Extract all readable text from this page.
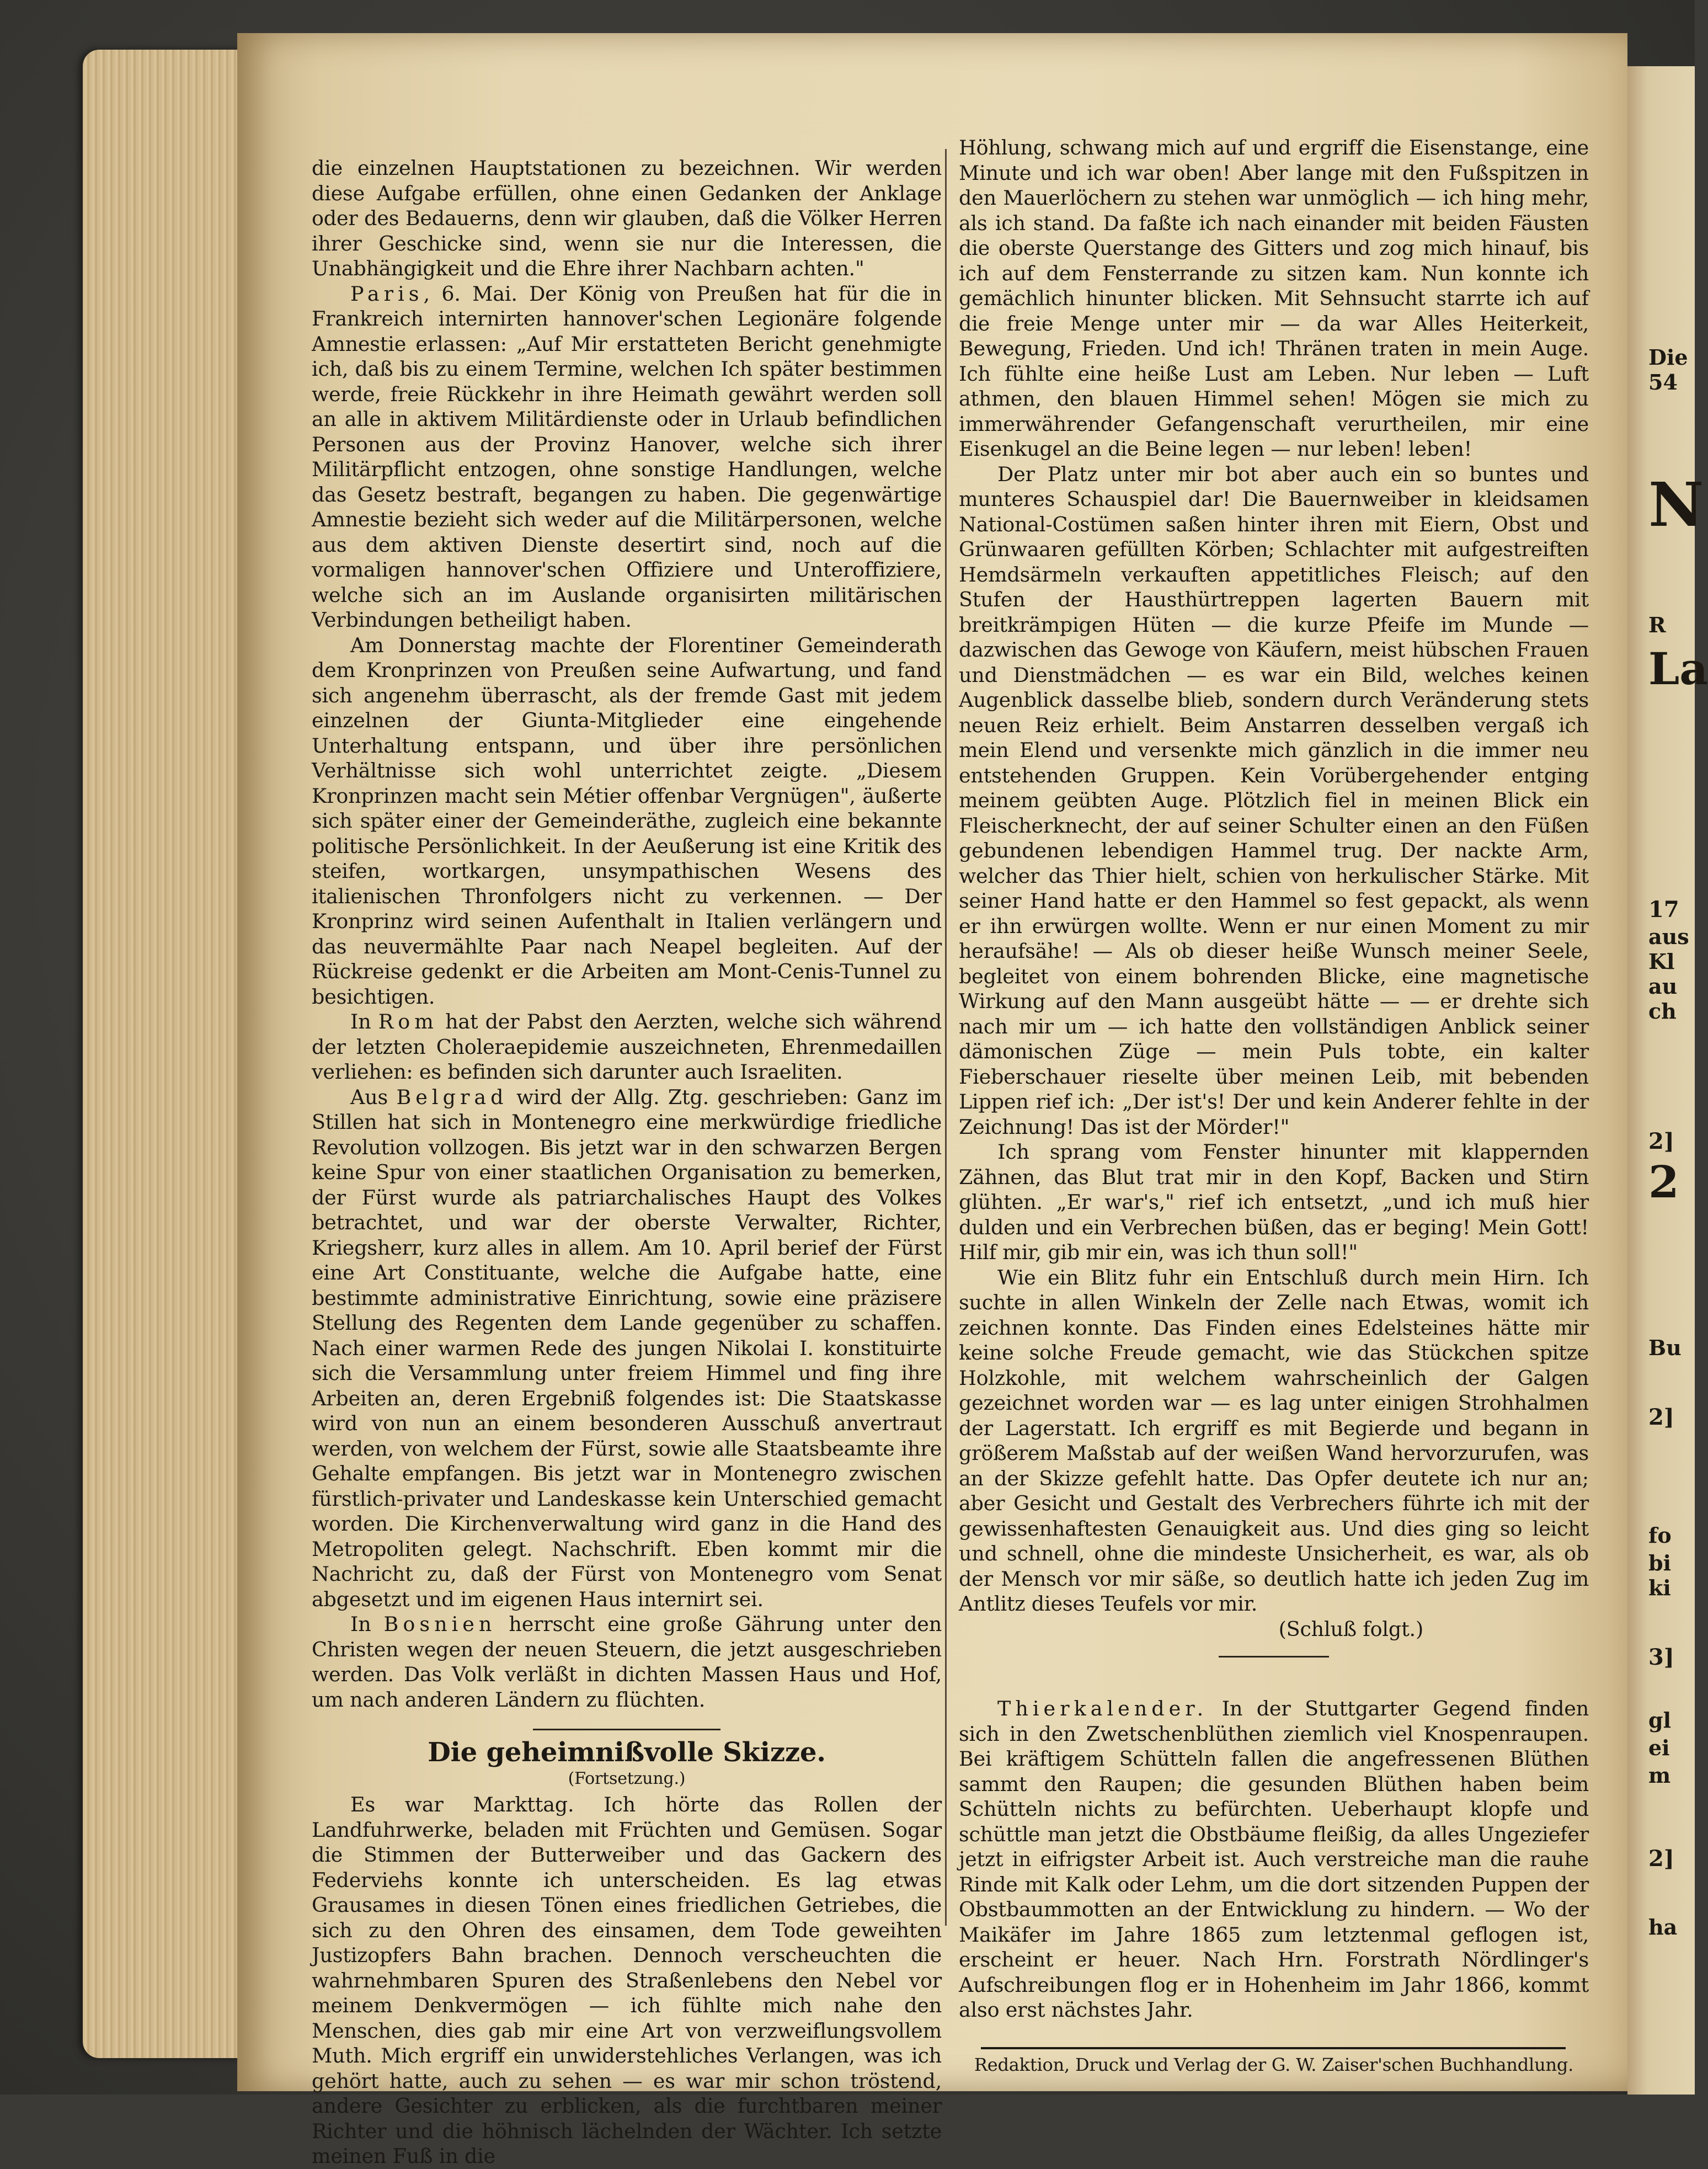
die einzelnen Hauptstationen zu bezeichnen. Wir werden diese Aufgabe erfüllen, ohne einen Gedanken der Anklage oder des Bedauerns, denn wir glauben, daß die Völker Herren ihrer Geschicke sind, wenn sie nur die Interessen, die Unabhängigkeit und die Ehre ihrer Nachbarn achten."

Paris, 6. Mai. Der König von Preußen hat für die in Frankreich internirten hannover'schen Legionäre folgende Amnestie erlassen: „Auf Mir erstatteten Bericht genehmigte ich, daß bis zu einem Termine, welchen Ich später bestimmen werde, freie Rückkehr in ihre Heimath gewährt werden soll an alle in aktivem Militärdienste oder in Urlaub befindlichen Personen aus der Provinz Hanover, welche sich ihrer Militärpflicht entzogen, ohne sonstige Handlungen, welche das Gesetz bestraft, begangen zu haben. Die gegenwärtige Amnestie bezieht sich weder auf die Militärpersonen, welche aus dem aktiven Dienste desertirt sind, noch auf die vormaligen hannover'schen Offiziere und Unteroffiziere, welche sich an im Auslande organisirten militärischen Verbindungen betheiligt haben.

Am Donnerstag machte der Florentiner Gemeinderath dem Kronprinzen von Preußen seine Aufwartung, und fand sich angenehm überrascht, als der fremde Gast mit jedem einzelnen der Giunta-Mitglieder eine eingehende Unterhaltung entspann, und über ihre persönlichen Verhältnisse sich wohl unterrichtet zeigte. „Diesem Kronprinzen macht sein Métier offenbar Vergnügen", äußerte sich später einer der Gemeinderäthe, zugleich eine bekannte politische Persönlichkeit. In der Aeußerung ist eine Kritik des steifen, wortkargen, unsympathischen Wesens des italienischen Thronfolgers nicht zu verkennen. — Der Kronprinz wird seinen Aufenthalt in Italien verlängern und das neuvermählte Paar nach Neapel begleiten. Auf der Rückreise gedenkt er die Arbeiten am Mont-Cenis-Tunnel zu besichtigen.

In Rom hat der Pabst den Aerzten, welche sich während der letzten Choleraepidemie auszeichneten, Ehrenmedaillen verliehen: es befinden sich darunter auch Israeliten.

Aus Belgrad wird der Allg. Ztg. geschrieben: Ganz im Stillen hat sich in Montenegro eine merkwürdige friedliche Revolution vollzogen. Bis jetzt war in den schwarzen Bergen keine Spur von einer staatlichen Organisation zu bemerken, der Fürst wurde als patriarchalisches Haupt des Volkes betrachtet, und war der oberste Verwalter, Richter, Kriegsherr, kurz alles in allem. Am 10. April berief der Fürst eine Art Constituante, welche die Aufgabe hatte, eine bestimmte administrative Einrichtung, sowie eine präzisere Stellung des Regenten dem Lande gegenüber zu schaffen. Nach einer warmen Rede des jungen Nikolai I. konstituirte sich die Versammlung unter freiem Himmel und fing ihre Arbeiten an, deren Ergebniß folgendes ist: Die Staatskasse wird von nun an einem besonderen Ausschuß anvertraut werden, von welchem der Fürst, sowie alle Staatsbeamte ihre Gehalte empfangen. Bis jetzt war in Montenegro zwischen fürstlich-privater und Landeskasse kein Unterschied gemacht worden. Die Kirchenverwaltung wird ganz in die Hand des Metropoliten gelegt. Nachschrift. Eben kommt mir die Nachricht zu, daß der Fürst von Montenegro vom Senat abgesetzt und im eigenen Haus internirt sei.

In Bosnien herrscht eine große Gährung unter den Christen wegen der neuen Steuern, die jetzt ausgeschrieben werden. Das Volk verläßt in dichten Massen Haus und Hof, um nach anderen Ländern zu flüchten.

Die geheimnißvolle Skizze.
(Fortsetzung.)

Es war Markttag. Ich hörte das Rollen der Landfuhrwerke, beladen mit Früchten und Gemüsen. Sogar die Stimmen der Butterweiber und das Gackern des Federviehs konnte ich unterscheiden. Es lag etwas Grausames in diesen Tönen eines friedlichen Getriebes, die sich zu den Ohren des einsamen, dem Tode geweihten Justizopfers Bahn brachen. Dennoch verscheuchten die wahrnehmbaren Spuren des Straßenlebens den Nebel vor meinem Denkvermögen — ich fühlte mich nahe den Menschen, dies gab mir eine Art von verzweiflungsvollem Muth. Mich ergriff ein unwiderstehliches Verlangen, was ich gehört hatte, auch zu sehen — es war mir schon tröstend, andere Gesichter zu erblicken, als die furchtbaren meiner Richter und die höhnisch lächelnden der Wächter. Ich setzte meinen Fuß in die

Höhlung, schwang mich auf und ergriff die Eisenstange, eine Minute und ich war oben! Aber lange mit den Fußspitzen in den Mauerlöchern zu stehen war unmöglich — ich hing mehr, als ich stand. Da faßte ich nach einander mit beiden Fäusten die oberste Querstange des Gitters und zog mich hinauf, bis ich auf dem Fensterrande zu sitzen kam. Nun konnte ich gemächlich hinunter blicken. Mit Sehnsucht starrte ich auf die freie Menge unter mir — da war Alles Heiterkeit, Bewegung, Frieden. Und ich! Thränen traten in mein Auge. Ich fühlte eine heiße Lust am Leben. Nur leben — Luft athmen, den blauen Himmel sehen! Mögen sie mich zu immerwährender Gefangenschaft verurtheilen, mir eine Eisenkugel an die Beine legen — nur leben! leben!

Der Platz unter mir bot aber auch ein so buntes und munteres Schauspiel dar! Die Bauernweiber in kleidsamen National-Costümen saßen hinter ihren mit Eiern, Obst und Grünwaaren gefüllten Körben; Schlachter mit aufgestreiften Hemdsärmeln verkauften appetitliches Fleisch; auf den Stufen der Hausthürtreppen lagerten Bauern mit breitkrämpigen Hüten — die kurze Pfeife im Munde — dazwischen das Gewoge von Käufern, meist hübschen Frauen und Dienstmädchen — es war ein Bild, welches keinen Augenblick dasselbe blieb, sondern durch Veränderung stets neuen Reiz erhielt. Beim Anstarren desselben vergaß ich mein Elend und versenkte mich gänzlich in die immer neu entstehenden Gruppen. Kein Vorübergehender entging meinem geübten Auge. Plötzlich fiel in meinen Blick ein Fleischerknecht, der auf seiner Schulter einen an den Füßen gebundenen lebendigen Hammel trug. Der nackte Arm, welcher das Thier hielt, schien von herkulischer Stärke. Mit seiner Hand hatte er den Hammel so fest gepackt, als wenn er ihn erwürgen wollte. Wenn er nur einen Moment zu mir heraufsähe! — Als ob dieser heiße Wunsch meiner Seele, begleitet von einem bohrenden Blicke, eine magnetische Wirkung auf den Mann ausgeübt hätte — — er drehte sich nach mir um — ich hatte den vollständigen Anblick seiner dämonischen Züge — mein Puls tobte, ein kalter Fieberschauer rieselte über meinen Leib, mit bebenden Lippen rief ich: „Der ist's! Der und kein Anderer fehlte in der Zeichnung! Das ist der Mörder!"

Ich sprang vom Fenster hinunter mit klappernden Zähnen, das Blut trat mir in den Kopf, Backen und Stirn glühten. „Er war's," rief ich entsetzt, „und ich muß hier dulden und ein Verbrechen büßen, das er beging! Mein Gott! Hilf mir, gib mir ein, was ich thun soll!"

Wie ein Blitz fuhr ein Entschluß durch mein Hirn. Ich suchte in allen Winkeln der Zelle nach Etwas, womit ich zeichnen konnte. Das Finden eines Edelsteines hätte mir keine solche Freude gemacht, wie das Stückchen spitze Holzkohle, mit welchem wahrscheinlich der Galgen gezeichnet worden war — es lag unter einigen Strohhalmen der Lagerstatt. Ich ergriff es mit Begierde und begann in größerem Maßstab auf der weißen Wand hervorzurufen, was an der Skizze gefehlt hatte. Das Opfer deutete ich nur an; aber Gesicht und Gestalt des Verbrechers führte ich mit der gewissenhaftesten Genauigkeit aus. Und dies ging so leicht und schnell, ohne die mindeste Unsicherheit, es war, als ob der Mensch vor mir säße, so deutlich hatte ich jeden Zug im Antlitz dieses Teufels vor mir.

(Schluß folgt.)

Thierkalender. In der Stuttgarter Gegend finden sich in den Zwetschenblüthen ziemlich viel Knospenraupen. Bei kräftigem Schütteln fallen die angefressenen Blüthen sammt den Raupen; die gesunden Blüthen haben beim Schütteln nichts zu befürchten. Ueberhaupt klopfe und schüttle man jetzt die Obstbäume fleißig, da alles Ungeziefer jetzt in eifrigster Arbeit ist. Auch verstreiche man die rauhe Rinde mit Kalk oder Lehm, um die dort sitzenden Puppen der Obstbaummotten an der Entwicklung zu hindern. — Wo der Maikäfer im Jahre 1865 zum letztenmal geflogen ist, erscheint er heuer. Nach Hrn. Forstrath Nördlinger's Aufschreibungen flog er in Hohenheim im Jahr 1866, kommt also erst nächstes Jahr.

Redaktion, Druck und Verlag der G. W. Zaiser'schen Buchhandlung.

Die
54
N
R
La
17
aus
Kl
au
ch
2]
2
Bu
2]
fo
bi
ki
3]
gl
ei
m
2]
ha
